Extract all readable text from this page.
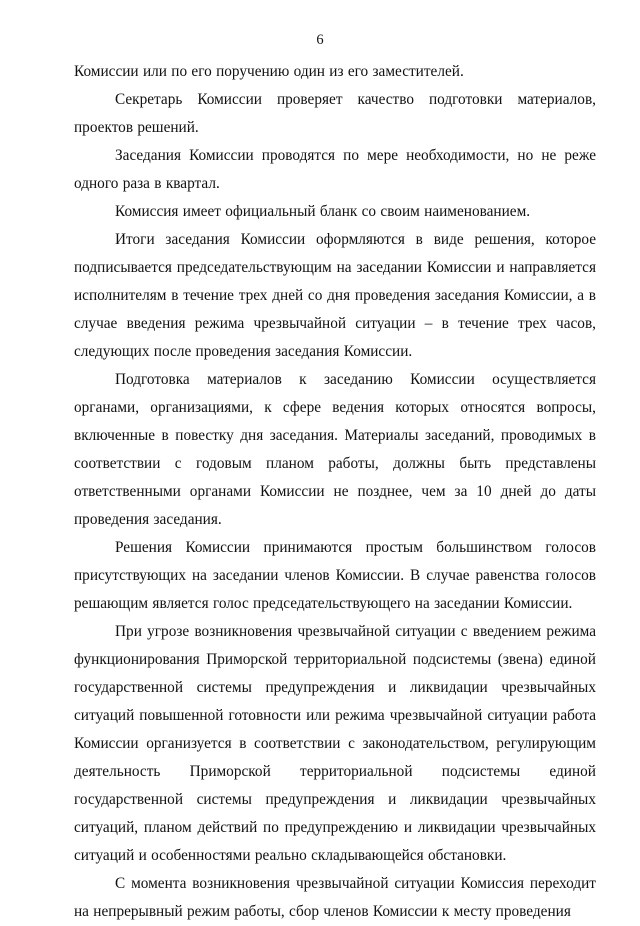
6

Комиссии или по его поручению один из его заместителей.

Секретарь Комиссии проверяет качество подготовки материалов, проектов решений.

Заседания Комиссии проводятся по мере необходимости, но не реже одного раза в квартал.

Комиссия имеет официальный бланк со своим наименованием.

Итоги заседания Комиссии оформляются в виде решения, которое подписывается председательствующим на заседании Комиссии и направляется исполнителям в течение трех дней со дня проведения заседания Комиссии, а в случае введения режима чрезвычайной ситуации – в течение трех часов, следующих после проведения заседания Комиссии.

Подготовка материалов к заседанию Комиссии осуществляется органами, организациями, к сфере ведения которых относятся вопросы, включенные в повестку дня заседания. Материалы заседаний, проводимых в соответствии с годовым планом работы, должны быть представлены ответственными органами Комиссии не позднее, чем за 10 дней до даты проведения заседания.

Решения Комиссии принимаются простым большинством голосов присутствующих на заседании членов Комиссии. В случае равенства голосов решающим является голос председательствующего на заседании Комиссии.

При угрозе возникновения чрезвычайной ситуации с введением режима функционирования Приморской территориальной подсистемы (звена) единой государственной системы предупреждения и ликвидации чрезвычайных ситуаций повышенной готовности или режима чрезвычайной ситуации работа Комиссии организуется в соответствии с законодательством, регулирующим деятельность Приморской территориальной подсистемы единой государственной системы предупреждения и ликвидации чрезвычайных ситуаций, планом действий по предупреждению и ликвидации чрезвычайных ситуаций и особенностями реально складывающейся обстановки.

С момента возникновения чрезвычайной ситуации Комиссия переходит на непрерывный режим работы, сбор членов Комиссии к месту проведения
